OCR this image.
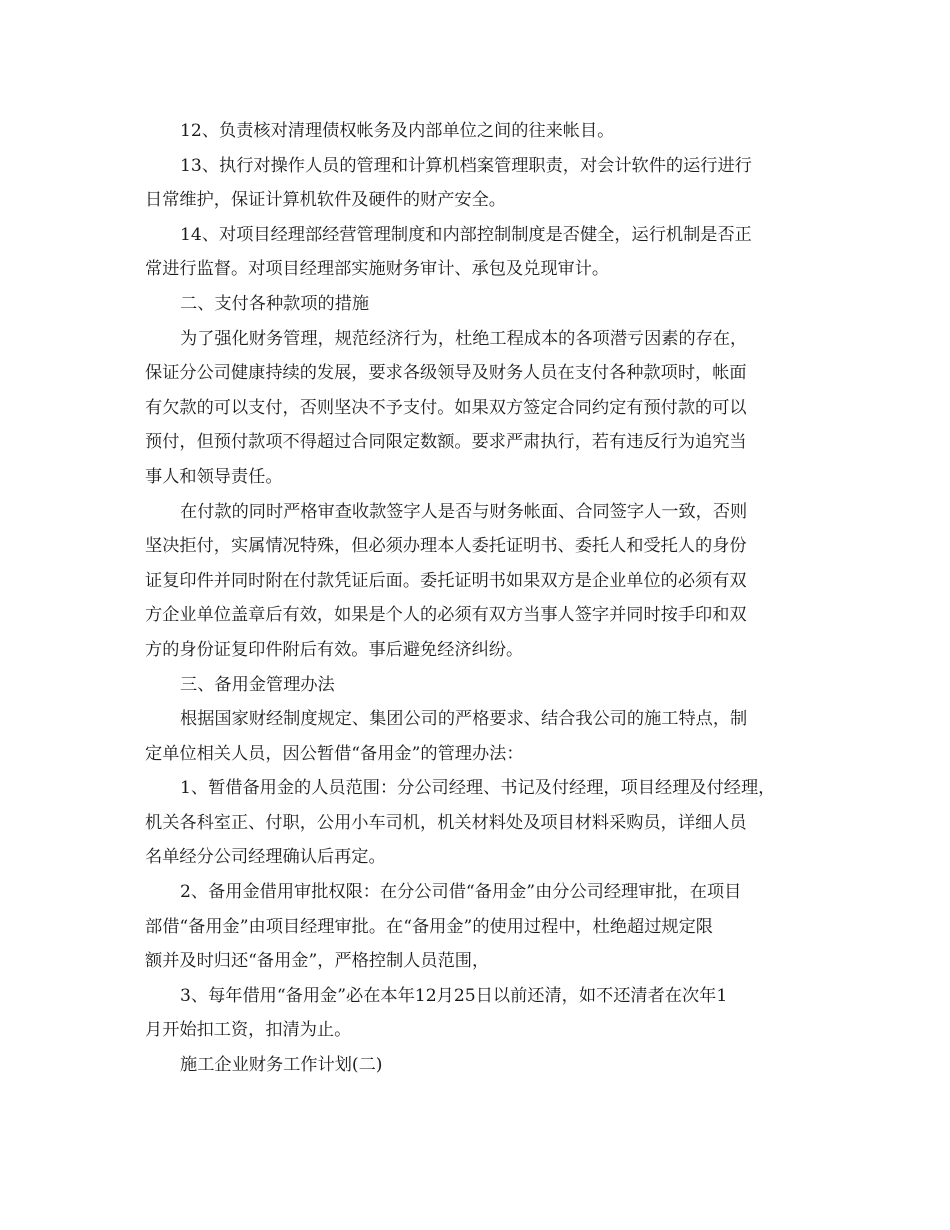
12、负责核对清理债权帐务及内部单位之间的往来帐目。
13、执行对操作人员的管理和计算机档案管理职责，对会计软件的运行进行
日常维护，保证计算机软件及硬件的财产安全。
14、对项目经理部经营管理制度和内部控制制度是否健全，运行机制是否正
常进行监督。对项目经理部实施财务审计、承包及兑现审计。
二、支付各种款项的措施
为了强化财务管理，规范经济行为，杜绝工程成本的各项潜亏因素的存在，
保证分公司健康持续的发展，要求各级领导及财务人员在支付各种款项时，帐面
有欠款的可以支付，否则坚决不予支付。如果双方签定合同约定有预付款的可以
预付，但预付款项不得超过合同限定数额。要求严肃执行，若有违反行为追究当
事人和领导责任。
在付款的同时严格审查收款签字人是否与财务帐面、合同签字人一致，否则
坚决拒付，实属情况特殊，但必须办理本人委托证明书、委托人和受托人的身份
证复印件并同时附在付款凭证后面。委托证明书如果双方是企业单位的必须有双
方企业单位盖章后有效，如果是个人的必须有双方当事人签字并同时按手印和双
方的身份证复印件附后有效。事后避免经济纠纷。
三、备用金管理办法
根据国家财经制度规定、集团公司的严格要求、结合我公司的施工特点，制
定单位相关人员，因公暂借“备用金”的管理办法：
1、暂借备用金的人员范围：分公司经理、书记及付经理，项目经理及付经理，
机关各科室正、付职，公用小车司机，机关材料处及项目材料采购员，详细人员
名单经分公司经理确认后再定。
2、备用金借用审批权限：在分公司借“备用金”由分公司经理审批，在项目
部借“备用金”由项目经理审批。在“备用金”的使用过程中，杜绝超过规定限
额并及时归还“备用金”，严格控制人员范围，
3、每年借用“备用金”必在本年12月25日以前还清，如不还清者在次年1
月开始扣工资，扣清为止。
施工企业财务工作计划(二)
